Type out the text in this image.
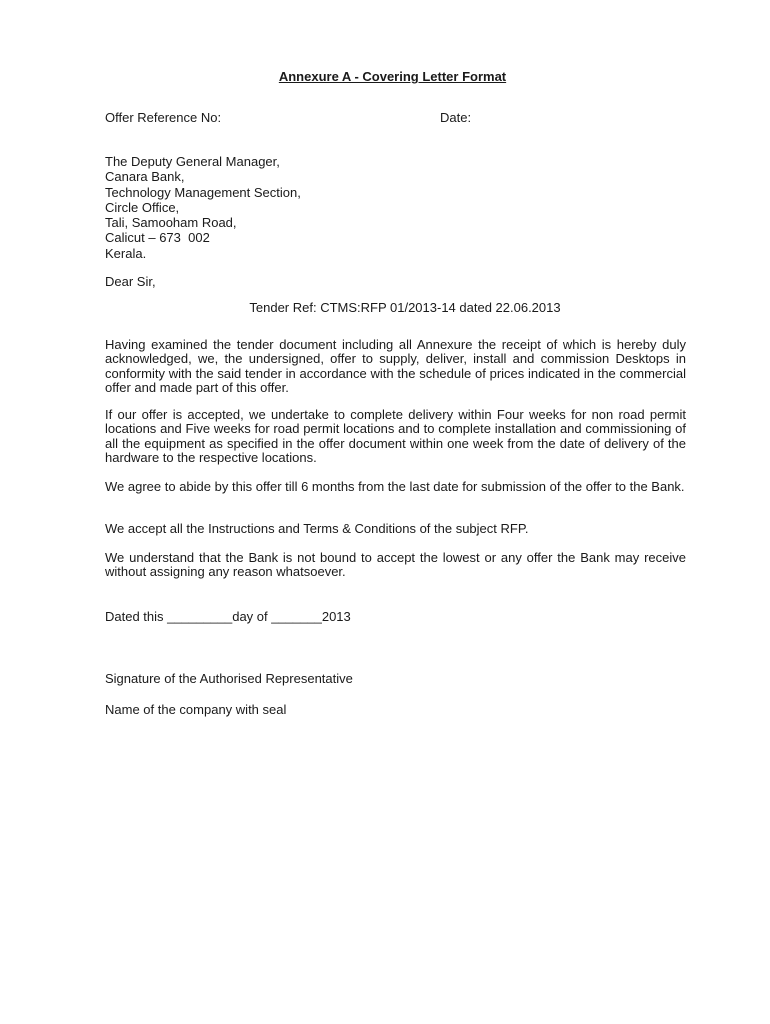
Annexure A - Covering Letter Format
Offer Reference No:	Date:
The Deputy General Manager,
Canara Bank,
Technology Management Section,
Circle Office,
Tali, Samooham Road,
Calicut – 673  002
Kerala.
Dear Sir,
Tender Ref: CTMS:RFP 01/2013-14 dated 22.06.2013

Having examined the tender document including all Annexure the receipt of which is hereby duly acknowledged, we, the undersigned, offer to supply, deliver, install and commission Desktops in conformity with the said tender in accordance with the schedule of prices indicated in the commercial offer and made part of this offer.

If our offer is accepted, we undertake to complete delivery within Four weeks for non road permit locations and Five weeks for road permit locations and to complete installation and commissioning of all the equipment as specified in the offer document within one week from the date of delivery of the hardware to the respective locations.

We agree to abide by this offer till 6 months from the last date for submission of the offer to the Bank.

We accept all the Instructions and Terms & Conditions of the subject RFP.

We understand that the Bank is not bound to accept the lowest or any offer the Bank may receive without assigning any reason whatsoever.

Dated this _________day of _______2013
Signature of the Authorised Representative
Name of the company with seal
